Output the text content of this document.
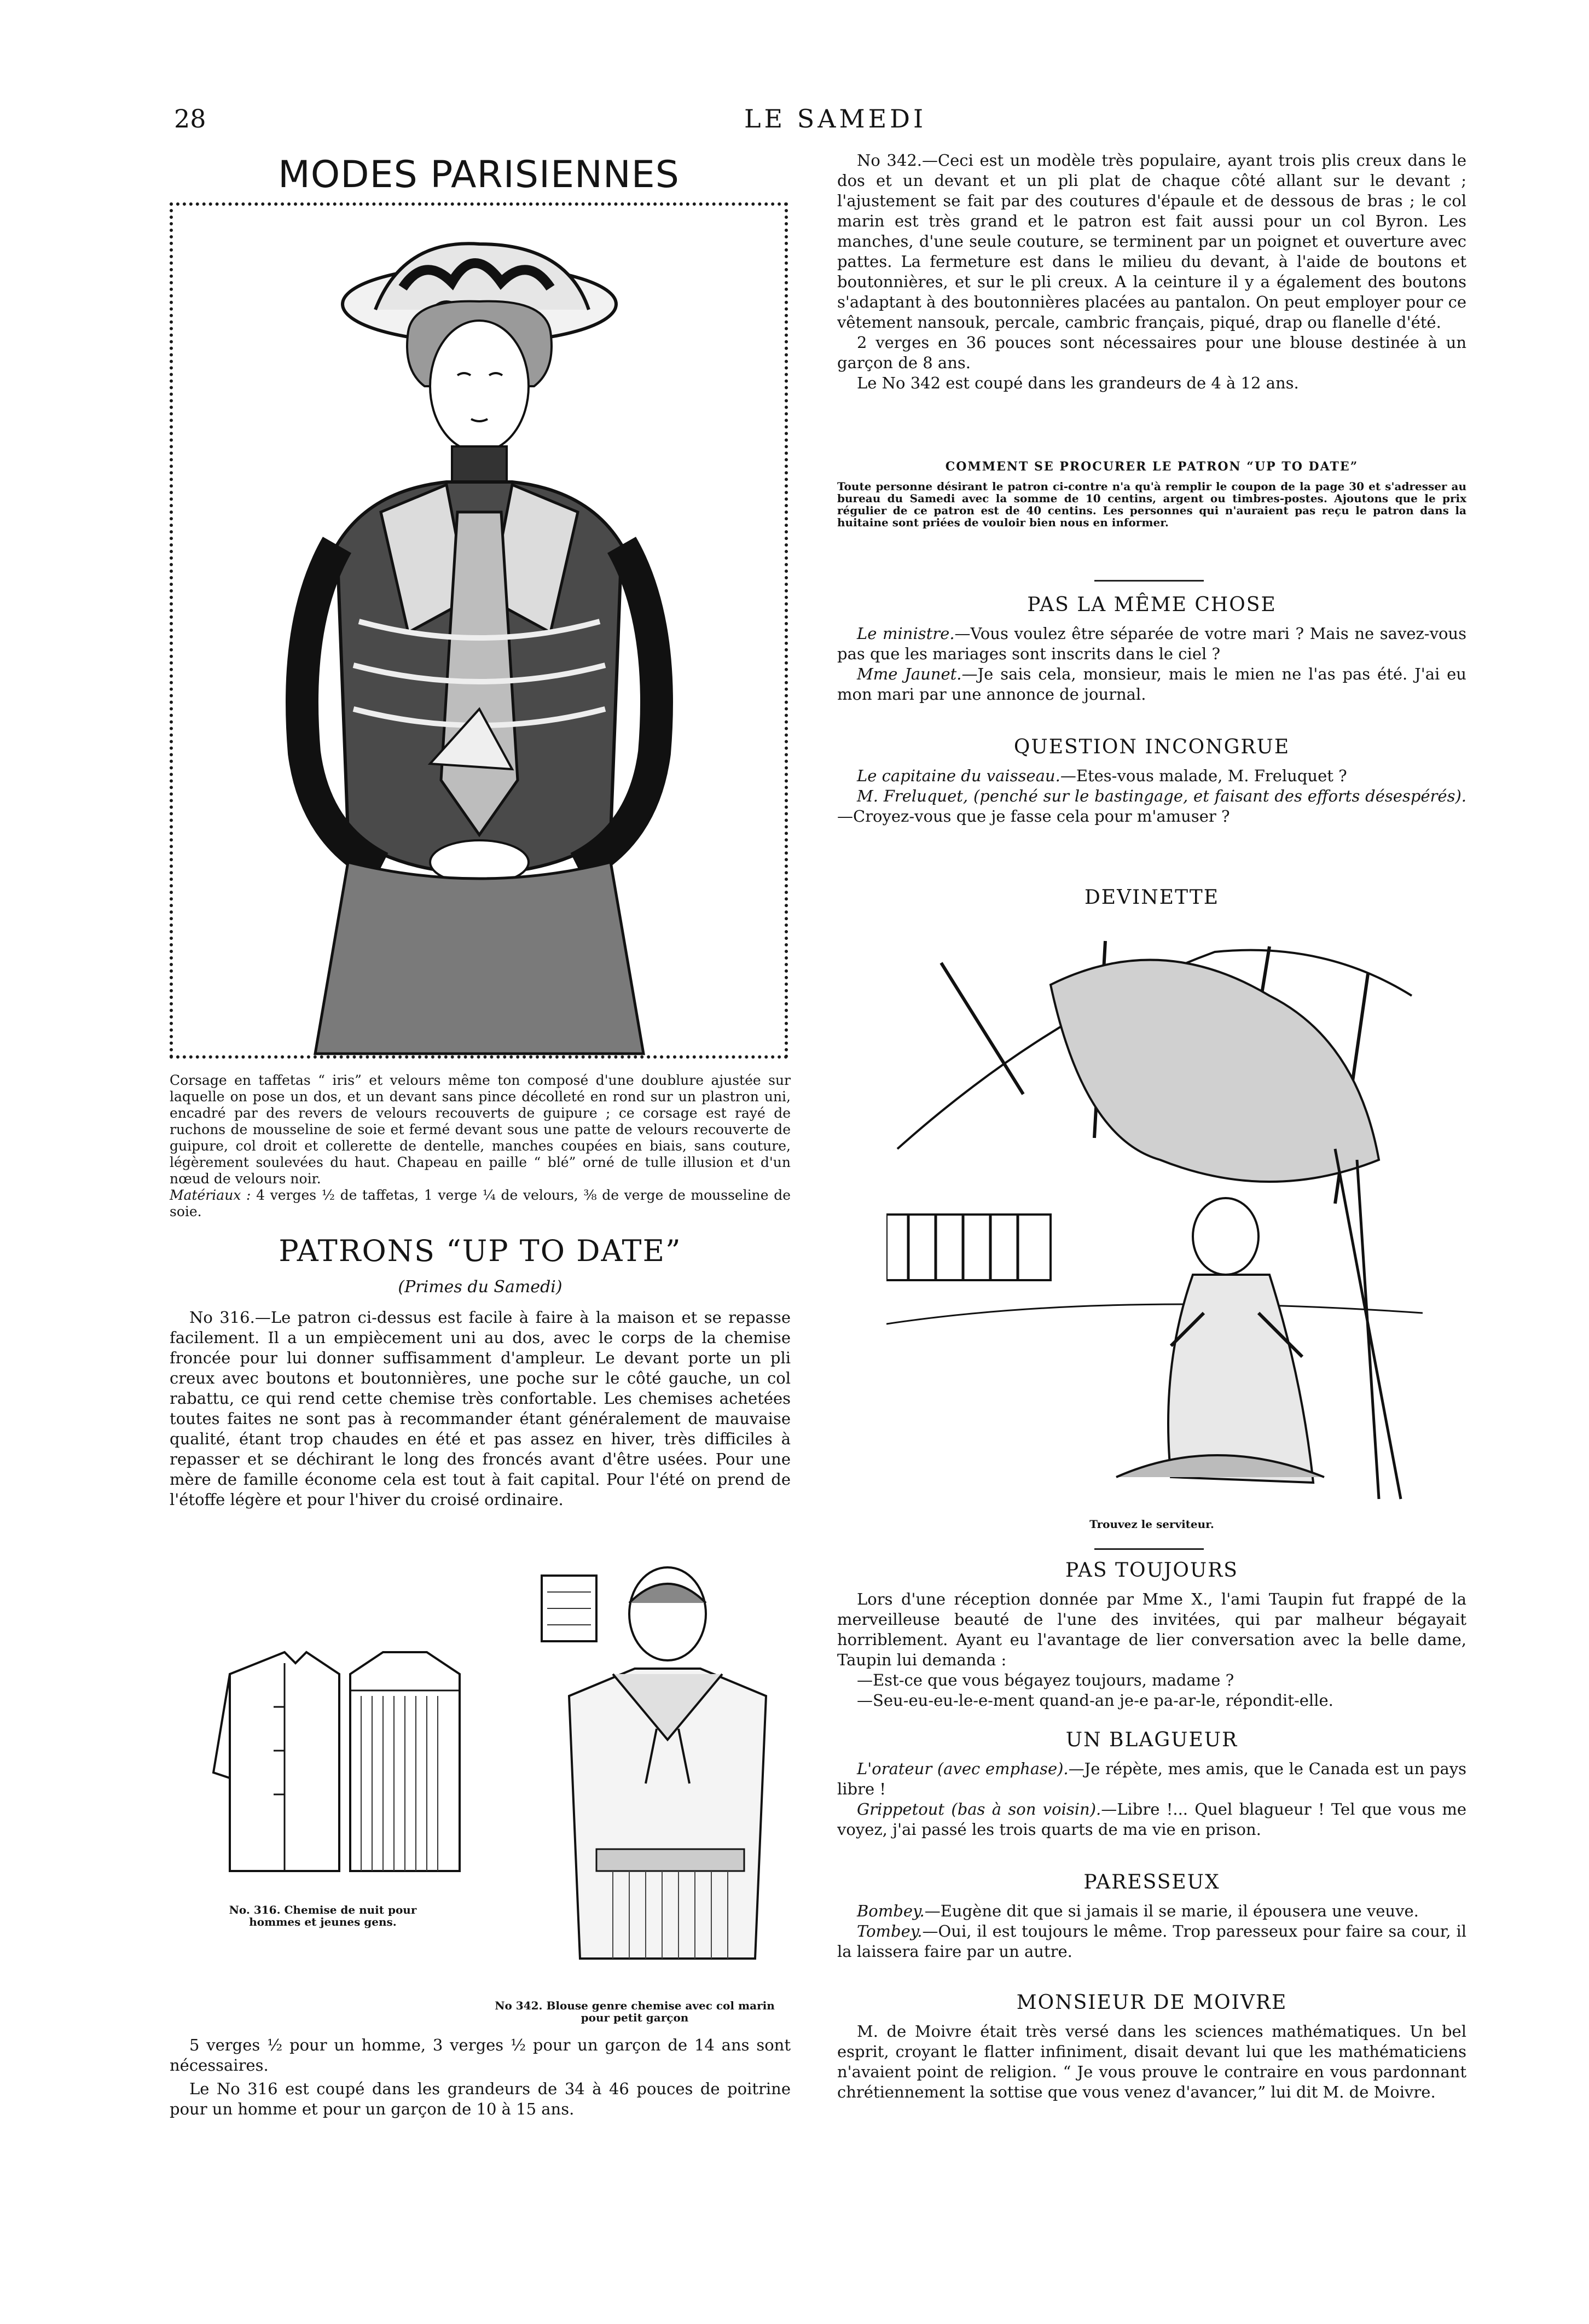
28	LE SAMEDI
MODES PARISIENNES

Corsage en taffetas “ iris” et velours même ton composé d'une doublure ajustée sur laquelle on pose un dos, et un devant sans pince décolleté en rond sur un plastron uni, encadré par des revers de velours recouverts de guipure ; ce corsage est rayé de ruchons de mousseline de soie et fermé devant sous une patte de velours recouverte de guipure, col droit et collerette de dentelle, manches coupées en biais, sans couture, légèrement soulevées du haut. Chapeau en paille “ blé” orné de tulle illusion et d'un nœud de velours noir.

Matériaux : 4 verges ½ de taffetas, 1 verge ¼ de velours, ⅜ de verge de mousseline de soie.

PATRONS “UP TO DATE”
(Primes du Samedi)

No 316.—Le patron ci-dessus est facile à faire à la maison et se repasse facilement. Il a un empiècement uni au dos, avec le corps de la chemise froncée pour lui donner suffisamment d'ampleur. Le devant porte un pli creux avec boutons et boutonnières, une poche sur le côté gauche, un col rabattu, ce qui rend cette chemise très confortable. Les chemises achetées toutes faites ne sont pas à recommander étant généralement de mauvaise qualité, étant trop chaudes en été et pas assez en hiver, très difficiles à repasser et se déchirant le long des froncés avant d'être usées. Pour une mère de famille économe cela est tout à fait capital. Pour l'été on prend de l'étoffe légère et pour l'hiver du croisé ordinaire.

No. 316. Chemise de nuit pour hommes et jeunes gens.
No 342. Blouse genre chemise avec col marin pour petit garçon

5 verges ½ pour un homme, 3 verges ½ pour un garçon de 14 ans sont nécessaires.

Le No 316 est coupé dans les grandeurs de 34 à 46 pouces de poitrine pour un homme et pour un garçon de 10 à 15 ans.

No 342.—Ceci est un modèle très populaire, ayant trois plis creux dans le dos et un devant et un pli plat de chaque côté allant sur le devant ; l'ajustement se fait par des coutures d'épaule et de dessous de bras ; le col marin est très grand et le patron est fait aussi pour un col Byron. Les manches, d'une seule couture, se terminent par un poignet et ouverture avec pattes. La fermeture est dans le milieu du devant, à l'aide de boutons et boutonnières, et sur le pli creux. A la ceinture il y a également des boutons s'adaptant à des boutonnières placées au pantalon. On peut employer pour ce vêtement nansouk, percale, cambric français, piqué, drap ou flanelle d'été.

2 verges en 36 pouces sont nécessaires pour une blouse destinée à un garçon de 8 ans.

Le No 342 est coupé dans les grandeurs de 4 à 12 ans.

COMMENT SE PROCURER LE PATRON “UP TO DATE”

Toute personne désirant le patron ci-contre n'a qu'à remplir le coupon de la page 30 et s'adresser au bureau du Samedi avec la somme de 10 centins, argent ou timbres-postes. Ajoutons que le prix régulier de ce patron est de 40 centins. Les personnes qui n'auraient pas reçu le patron dans la huitaine sont priées de vouloir bien nous en informer.

PAS LA MÊME CHOSE

Le ministre.—Vous voulez être séparée de votre mari ? Mais ne savez-vous pas que les mariages sont inscrits dans le ciel ?

Mme Jaunet.—Je sais cela, monsieur, mais le mien ne l'as pas été. J'ai eu mon mari par une annonce de journal.

QUESTION INCONGRUE

Le capitaine du vaisseau.—Etes-vous malade, M. Freluquet ?

M. Freluquet, (penché sur le bastingage, et faisant des efforts désespérés).—Croyez-vous que je fasse cela pour m'amuser ?

DEVINETTE
Trouvez le serviteur.
PAS TOUJOURS

Lors d'une réception donnée par Mme X., l'ami Taupin fut frappé de la merveilleuse beauté de l'une des invitées, qui par malheur bégayait horriblement. Ayant eu l'avantage de lier conversation avec la belle dame, Taupin lui demanda :

—Est-ce que vous bégayez toujours, madame ?

—Seu-eu-eu-le-e-ment quand-an je-e pa-ar-le, répondit-elle.

UN BLAGUEUR

L'orateur (avec emphase).—Je répète, mes amis, que le Canada est un pays libre !

Grippetout (bas à son voisin).—Libre !... Quel blagueur ! Tel que vous me voyez, j'ai passé les trois quarts de ma vie en prison.

PARESSEUX

Bombey.—Eugène dit que si jamais il se marie, il épousera une veuve.

Tombey.—Oui, il est toujours le même. Trop paresseux pour faire sa cour, il la laissera faire par un autre.

MONSIEUR DE MOIVRE

M. de Moivre était très versé dans les sciences mathématiques. Un bel esprit, croyant le flatter infiniment, disait devant lui que les mathématiciens n'avaient point de religion. “ Je vous prouve le contraire en vous pardonnant chrétiennement la sottise que vous venez d'avancer,” lui dit M. de Moivre.
